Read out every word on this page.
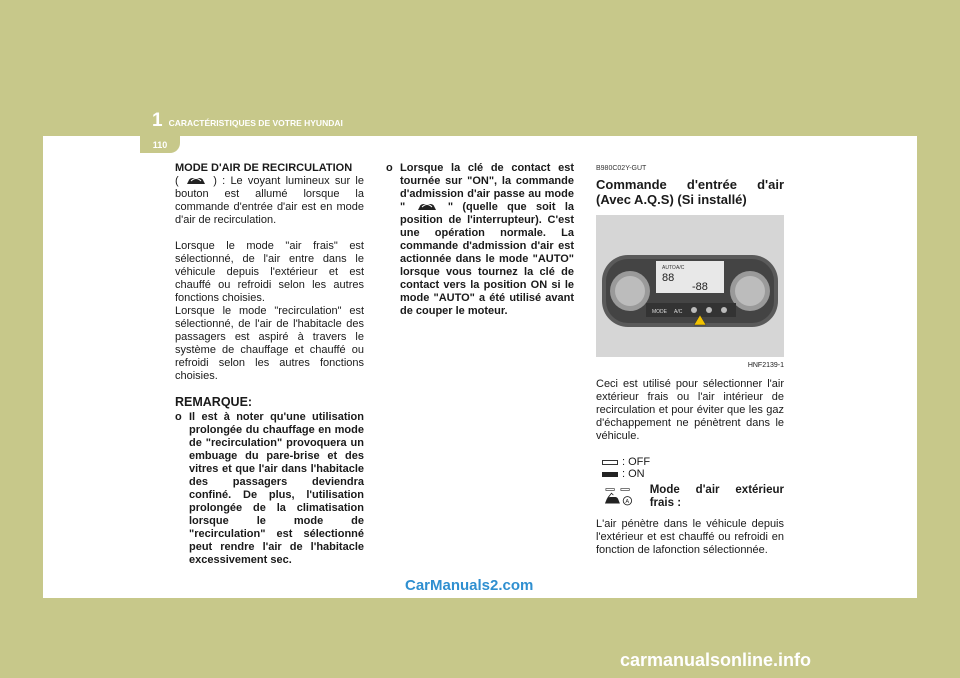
1 CARACTÉRISTIQUES DE VOTRE HYUNDAI
110
MODE D'AIR DE RECIRCULATION

(	) : Le voyant lumineux sur le bouton est allumé lorsque la commande d'entrée d'air est en mode d'air de recirculation.

Lorsque le mode "air frais" est sélectionné, de l'air entre dans le véhicule depuis l'extérieur et est chauffé ou refroidi selon les autres fonctions choisies.

Lorsque le mode "recirculation" est sélectionné, de l'air de l'habitacle des passagers est aspiré à travers le système de chauffage et chauffé ou refroidi selon les autres fonctions choisies.

REMARQUE:
o Il est à noter qu'une utilisation prolongée du chauffage en mode de "recirculation" provoquera un embuage du pare-brise et des vitres et que l'air dans l'habitacle des passagers deviendra confiné. De plus, l'utilisation prolongée de la climatisation lorsque le mode de "recirculation" est sélectionné peut rendre l'air de l'habitacle excessivement sec.
o Lorsque la clé de contact est tournée sur "ON", la commande d'admission d'air passe au mode "	" (quelle que soit la position de l'interrupteur). C'est une opération normale. La commande d'admission d'air est actionnée dans le mode "AUTO" lorsque vous tournez la clé de contact vers la position ON si le mode "AUTO" a été utilisé avant de couper le moteur.
B980C02Y-GUT
Commande d'entrée d'air (Avec A.Q.S) (Si installé)
AUTO A/C
88
-88
MODE A/C
HNF2139-1

Ceci est utilisé pour sélectionner l'air extérieur frais ou l'air intérieur de recirculation et pour éviter que les gaz d'échappement ne pénètrent dans le véhicule.

: OFF
: ON
A
Mode d'air extérieur frais :

L'air pénètre dans le véhicule depuis l'extérieur et est chauffé ou refroidi en fonction de lafonction sélectionnée.

CarManuals2.com
carmanualsonline.info
